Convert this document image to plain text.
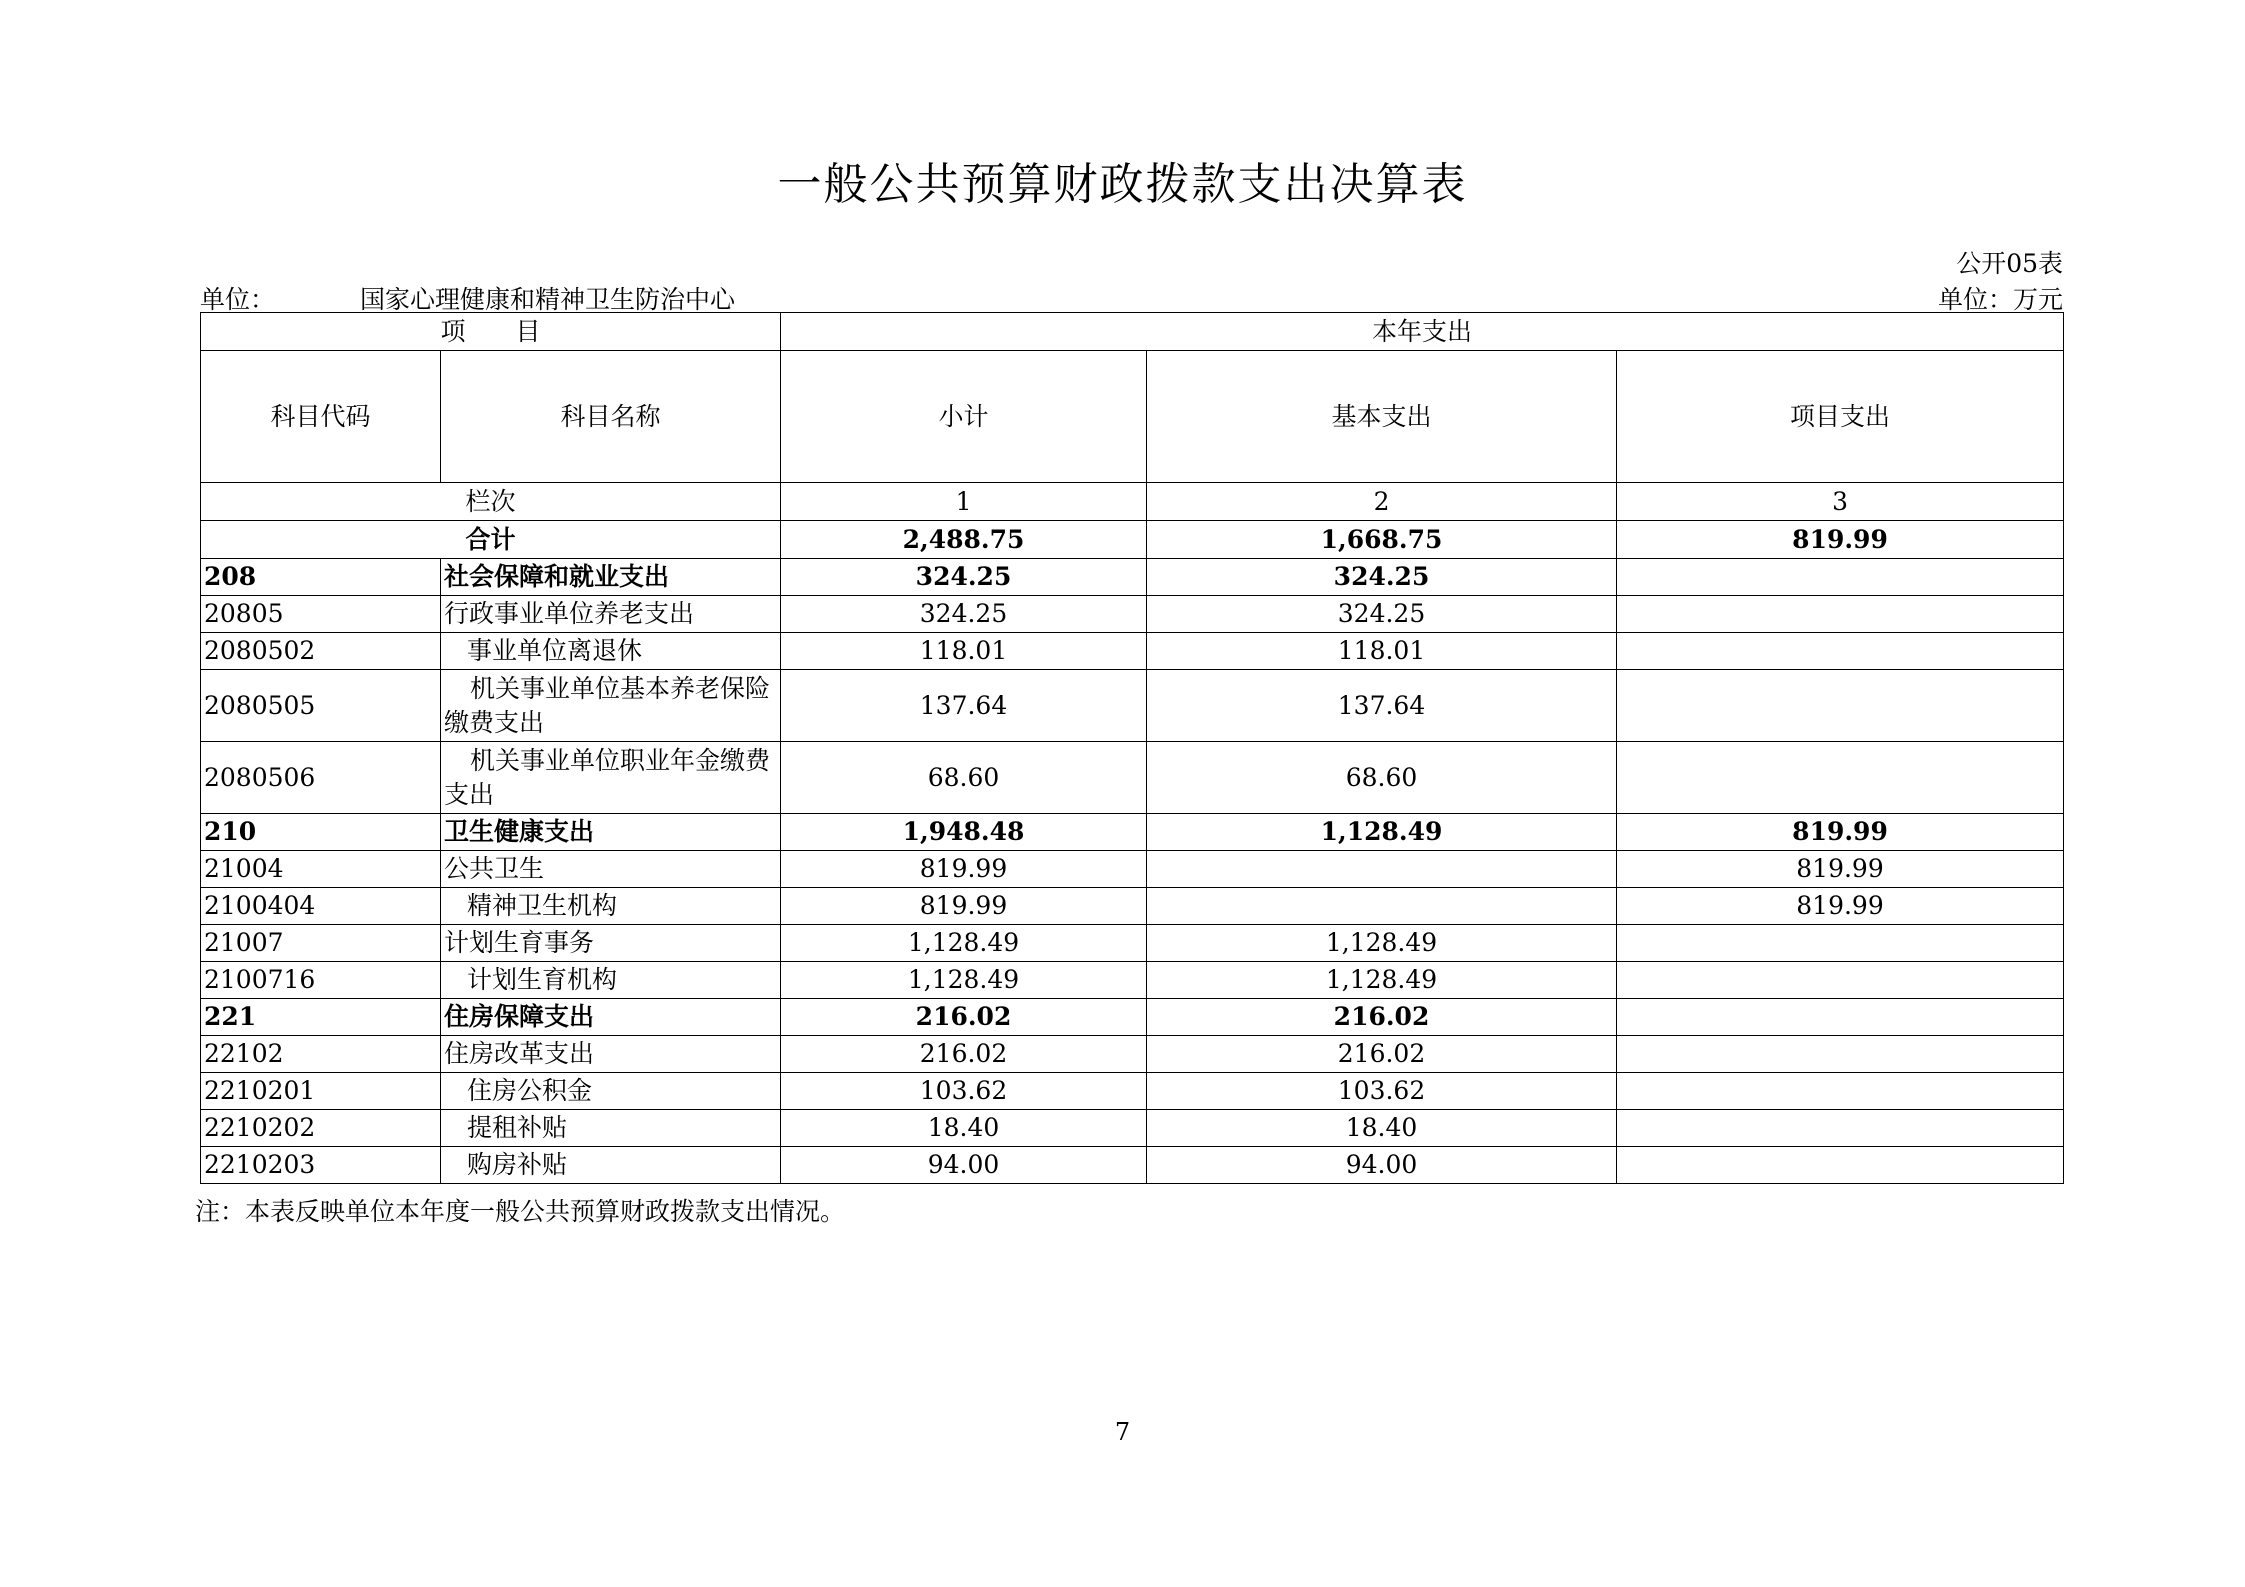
一般公共预算财政拨款支出决算表
公开05表
单位：	国家心理健康和精神卫生防治中心	单位：万元
项　　目		本年支出		
科目代码	科目名称	小计	基本支出	项目支出
栏次		1	2	3
合计		2,488.75	1,668.75	819.99
208	社会保障和就业支出	324.25	324.25	
20805	行政事业单位养老支出	324.25	324.25	
2080502	事业单位离退休	118.01	118.01	
2080505	机关事业单位基本养老保险缴费支出	137.64	137.64	
2080506	机关事业单位职业年金缴费支出	68.60	68.60	
210	卫生健康支出	1,948.48	1,128.49	819.99
21004	公共卫生	819.99		819.99
2100404	精神卫生机构	819.99		819.99
21007	计划生育事务	1,128.49	1,128.49	
2100716	计划生育机构	1,128.49	1,128.49	
221	住房保障支出	216.02	216.02	
22102	住房改革支出	216.02	216.02	
2210201	住房公积金	103.62	103.62	
2210202	提租补贴	18.40	18.40	
2210203	购房补贴	94.00	94.00	
注：本表反映单位本年度一般公共预算财政拨款支出情况。
7
